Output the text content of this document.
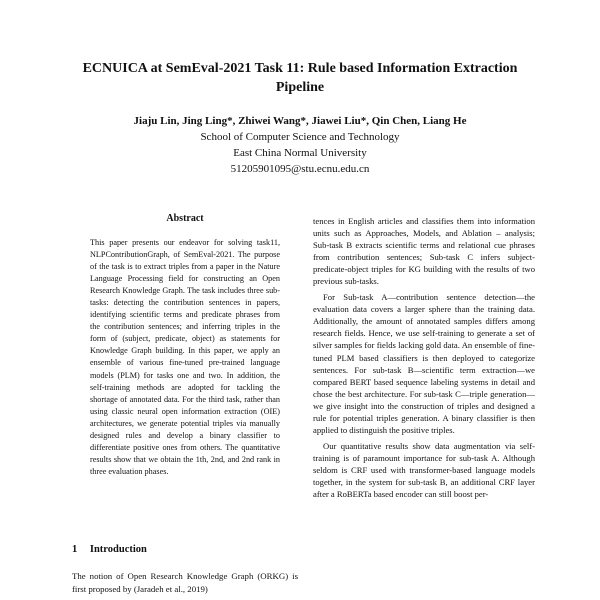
ECNUICA at SemEval-2021 Task 11: Rule based Information Extraction
Pipeline
Jiaju Lin, Jing Ling*, Zhiwei Wang*, Jiawei Liu*, Qin Chen, Liang He
School of Computer Science and Technology
East China Normal University
51205901095@stu.ecnu.edu.cn
Abstract
This paper presents our endeavor for solving task11, NLPContributionGraph, of SemEval-2021. The purpose of the task is to extract triples from a paper in the Nature Language Processing field for constructing an Open Research Knowledge Graph. The task includes three sub-tasks: detecting the contribution sentences in papers, identifying scientific terms and predicate phrases from the contribution sentences; and inferring triples in the form of (subject, predicate, object) as statements for Knowledge Graph building. In this paper, we apply an ensemble of various fine-tuned pre-trained language models (PLM) for tasks one and two. In addition, the self-training methods are adopted for tackling the shortage of annotated data. For the third task, rather than using classic neural open information extraction (OIE) architectures, we generate potential triples via manually designed rules and develop a binary classifier to differentiate positive ones from others. The quantitative results show that we obtain the 1th, 2nd, and 2nd rank in three evaluation phases.
1 Introduction
The notion of Open Research Knowledge Graph (ORKG) is first proposed by (Jaradeh et al., 2019)

tences in English articles and classifies them into information units such as Approaches, Models, and Ablation – analysis; Sub-task B extracts scientific terms and relational cue phrases from contribution sentences; Sub-task C infers subject-predicate-object triples for KG building with the results of two previous sub-tasks.

For Sub-task A—contribution sentence detection—the evaluation data covers a larger sphere than the training data. Additionally, the amount of annotated samples differs among research fields. Hence, we use self-training to generate a set of silver samples for fields lacking gold data. An ensemble of fine-tuned PLM based classifiers is then deployed to categorize sentences. For sub-task B—scientific term extraction—we compared BERT based sequence labeling systems in detail and chose the best architecture. For sub-task C—triple generation—we give insight into the construction of triples and designed a rule for potential triples generation. A binary classifier is then applied to distinguish the positive triples.

Our quantitative results show data augmentation via self-training is of paramount importance for sub-task A. Although seldom is CRF used with transformer-based language models together, in the system for sub-task B, an additional CRF layer after a RoBERTa based encoder can still boost per-
